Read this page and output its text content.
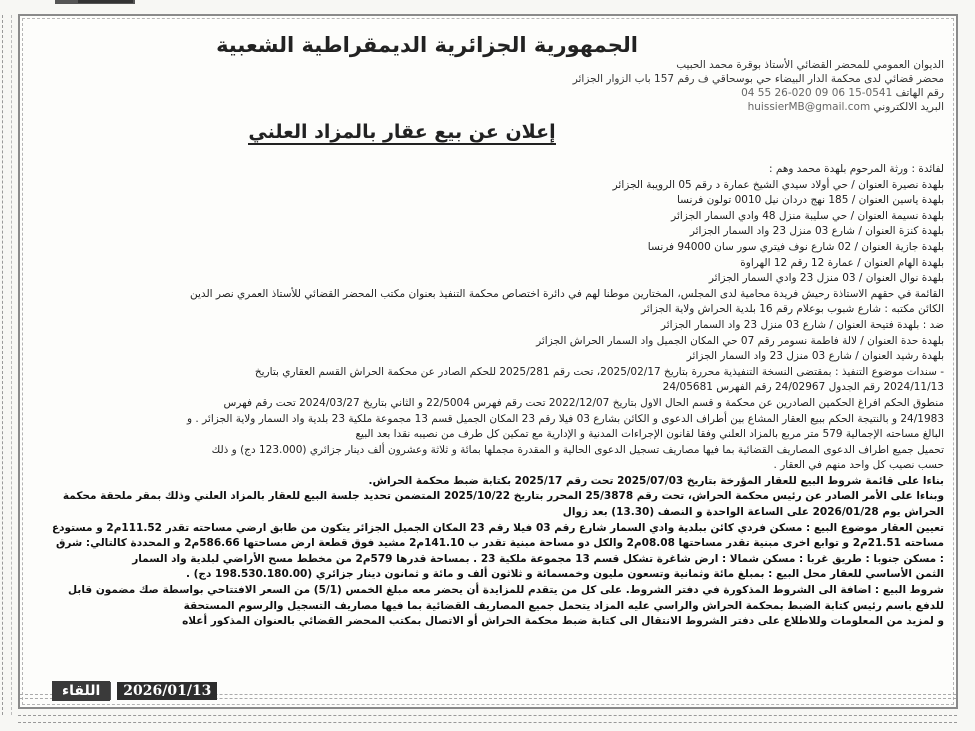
الجمهورية الجزائرية الديمقراطية الشعبية
الديوان العمومي للمحضر القضائي الأستاذ بوقرة محمد الحبيب
محضر قضائي لدى محكمة الدار البيضاء حي بوسحاقي ف رقم 157 باب الزوار الجزائر
رقم الهاتف 04 55 26-020 09 06 15-0541
البريد الالكتروني huissierMB@gmail.com
إعلان عن بيع عقار بالمزاد العلني
لفائدة : ورثة المرحوم بلهدة محمد وهم :
بلهدة نصيرة العنوان / حي أولاد سيدي الشيخ عمارة د رقم 05 الرويبة الجزائر
بلهدة ياسين العنوان / 185 نهج دردان نيل 0010 تولون فرنسا
بلهدة نسيمة العنوان / حي سليبة منزل 48 وادي السمار الجزائر
بلهدة كنزة العنوان / شارع 03 منزل 23 واد السمار الجزائر
بلهدة جازية العنوان / 02 شارع نوف فيتري سور سان 94000 فرنسا
بلهدة الهام العنوان / عمارة 12 رقم 12 الهراوة
بلهدة نوال العنوان / 03 منزل 23 وادي السمار الجزائر
القائمة في حقهم الاستاذة رحيش فريدة محامية لدى المجلس، المختارين موطنا لهم في دائرة اختصاص محكمة التنفيذ بعنوان مكتب المحضر القضائي للأستاذ العمري نصر الدين
الكائن مكتبه : شارع شبوب بوعلام رقم 16 بلدية الحراش ولاية الجزائر
ضد : بلهدة فتيحة العنوان / شارع 03 منزل 23 واد السمار الجزائر
بلهدة حدة العنوان / لالة فاطمة نسومر رقم 07 حي المكان الجميل واد السمار الحراش الجزائر
بلهدة رشيد العنوان / شارع 03 منزل 23 واد السمار الجزائر
- سندات موضوع التنفيذ : بمقتضى النسخة التنفيذية محررة بتاريخ 2025/02/17، تحت رقم 2025/281 للحكم الصادر عن محكمة الحراش القسم العقاري بتاريخ
2024/11/13 رقم الجدول 24/02967 رقم الفهرس 24/05681
منطوق الحكم افراغ الحكمين الصادرين عن محكمة و قسم الحال الاول بتاريخ 2022/12/07 تحت رقم فهرس 22/5004 و الثاني بتاريخ 2024/03/27 تحت رقم فهرس
24/1983 و بالنتيجة الحكم ببيع العقار المشاع بين أطراف الدعوى و الكائن بشارع 03 فيلا رقم 23 المكان الجميل قسم 13 مجموعة ملكية 23 بلدية واد السمار ولاية الجزائر . و
البالغ مساحته الإجمالية 579 متر مربع بالمزاد العلني وفقا لقانون الإجراءات المدنية و الإدارية مع تمكين كل طرف من نصيبه نقدا بعد البيع
تحميل جميع اطراف الدعوى المصاريف القضائية بما فيها مصاريف تسجيل الدعوى الحالية و المقدرة مجملها بمائة و ثلاثة وعشرون ألف دينار جزائري (123.000 دج) و ذلك
حسب نصيب كل واحد منهم في العقار .
بناءا على قائمة شروط البيع للعقار المؤرخة بتاريخ 2025/07/03 تحت رقم 2025/17 بكتابة ضبط محكمة الحراش.
وبناءا على الأمر الصادر عن رئيس محكمة الحراش، تحت رقم 25/3878 المحرر بتاريخ 2025/10/22 المتضمن تحديد جلسة البيع للعقار بالمزاد العلني وذلك بمقر ملحقة محكمة
الحراش يوم 2026/01/28 على الساعة الواحدة و النصف (13.30) بعد زوال
تعيين العقار موضوع البيع : مسكن فردي كائن ببلدية وادي السمار شارع رقم 03 فيلا رقم 23 المكان الجميل الجزائر يتكون من طابق ارضي مساحته تقدر 111.52م2 و مستودع
مساحته 21.51م2 و توابع اخرى مبنية تقدر مساحتها 08.08م2 والكل دو مساحة مبنية تقدر ب 141.10م2 مشيد فوق قطعة ارض مساحتها 586.66م2 و المحددة كالتالي: شرق
: مسكن جنوبا : طريق غربا : مسكن شمالا : ارض شاغرة تشكل قسم 13 مجموعة ملكية 23 . بمساحة قدرها 579م2 من مخطط مسح الأراضي لبلدية واد السمار
الثمن الأساسي للعقار محل البيع : بمبلغ مائة وثمانية وتسعون مليون وخمسمائة و ثلاثون ألف و مائة و ثمانون دينار جزائري (198.530.180.00 دج) .
شروط البيع : اضافة الى الشروط المذكورة في دفتر الشروط. على كل من يتقدم للمزايدة أن يحضر معه مبلغ الخمس (5/1) من السعر الافتتاحي بواسطة صك مضمون قابل
للدفع باسم رئيس كتابة الضبط بمحكمة الحراش والراسي عليه المزاد يتحمل جميع المصاريف القضائية بما فيها مصاريف التسجيل والرسوم المستحقة
و لمزيد من المعلومات وللاطلاع على دفتر الشروط الانتقال الى كتابة ضبط محكمة الحراش أو الاتصال بمكتب المحضر القضائي بالعنوان المذكور أعلاه
اللقاء	2026/01/13
